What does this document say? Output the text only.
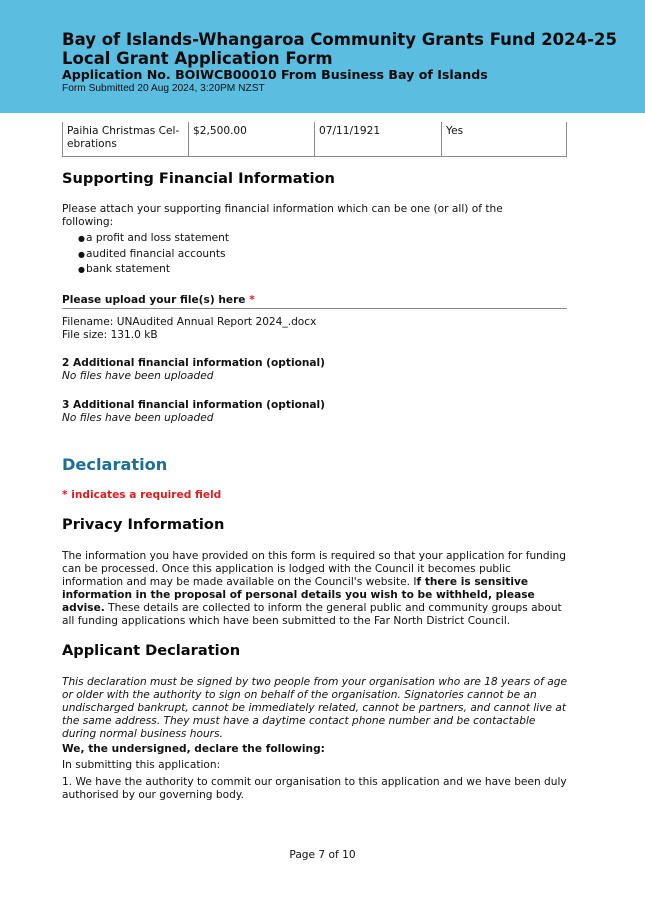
Bay of Islands-Whangaroa Community Grants Fund 2024-25 Local Grant Application Form
Application No. BOIWCB00010 From Business Bay of Islands
Form Submitted 20 Aug 2024, 3:20PM NZST
Paihia Christmas Cel-
ebrations
$2,500.00	07/11/1921	Yes
Supporting Financial Information
Please attach your supporting financial information which can be one (or all) of the following:
● a profit and loss statement
● audited financial accounts
● bank statement
Please upload your file(s) here *
Filename: UNAudited Annual Report 2024_.docx
File size: 131.0 kB
2 Additional financial information (optional)
No files have been uploaded
3 Additional financial information (optional)
No files have been uploaded
Declaration
* indicates a required field
Privacy Information
The information you have provided on this form is required so that your application for funding can be processed. Once this application is lodged with the Council it becomes public information and may be made available on the Council's website. If there is sensitive information in the proposal of personal details you wish to be withheld, please advise. These details are collected to inform the general public and community groups about all funding applications which have been submitted to the Far North District Council.
Applicant Declaration
This declaration must be signed by two people from your organisation who are 18 years of age or older with the authority to sign on behalf of the organisation. Signatories cannot be an undischarged bankrupt, cannot be immediately related, cannot be partners, and cannot live at the same address. They must have a daytime contact phone number and be contactable during normal business hours.
We, the undersigned, declare the following:
In submitting this application:
1. We have the authority to commit our organisation to this application and we have been duly authorised by our governing body.
Page 7 of 10
